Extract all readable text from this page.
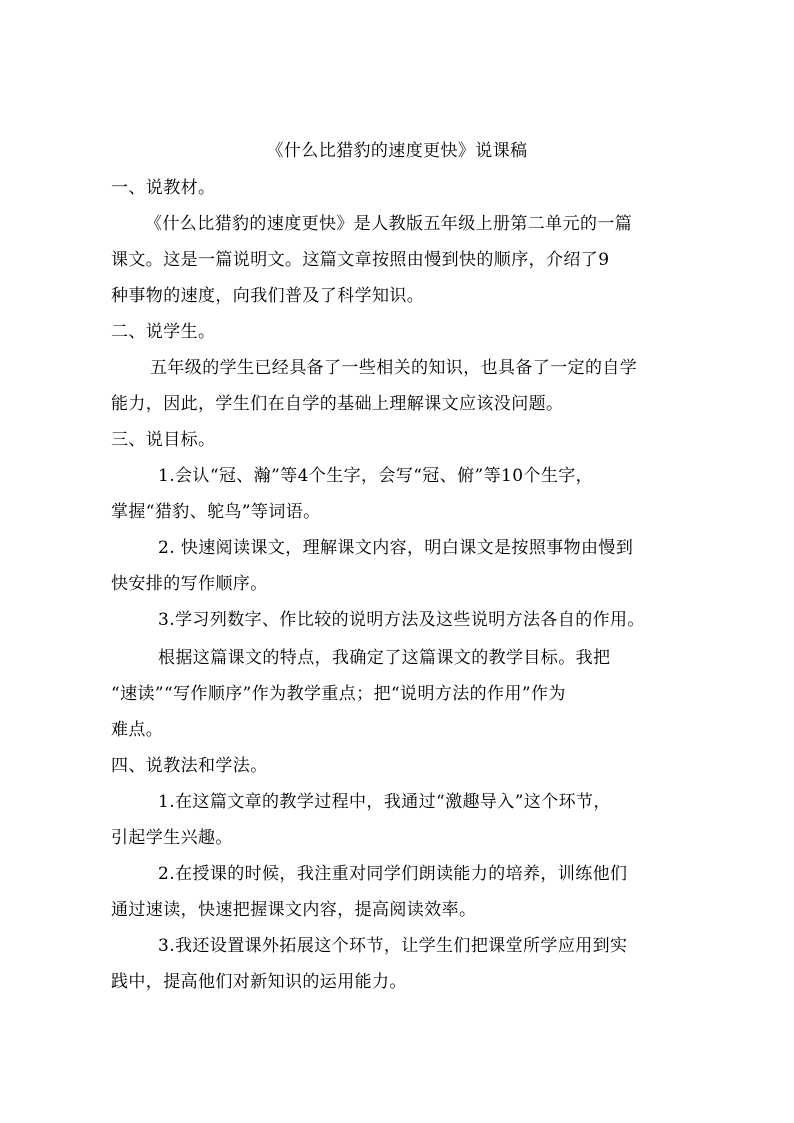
《什么比猎豹的速度更快》说课稿
一、说教材。
《什么比猎豹的速度更快》是人教版五年级上册第二单元的一篇
课文。这是一篇说明文。这篇文章按照由慢到快的顺序，介绍了9
种事物的速度，向我们普及了科学知识。
二、说学生。
五年级的学生已经具备了一些相关的知识，也具备了一定的自学
能力，因此，学生们在自学的基础上理解课文应该没问题。
三、说目标。
1.会认“冠、瀚”等4个生字，会写“冠、俯”等10个生字，
掌握“猎豹、鸵鸟”等词语。
2. 快速阅读课文，理解课文内容，明白课文是按照事物由慢到
快安排的写作顺序。
3.学习列数字、作比较的说明方法及这些说明方法各自的作用。
根据这篇课文的特点，我确定了这篇课文的教学目标。我把
“速读”“写作顺序”作为教学重点；把“说明方法的作用”作为
难点。
四、说教法和学法。
1.在这篇文章的教学过程中，我通过“激趣导入”这个环节，
引起学生兴趣。
2.在授课的时候，我注重对同学们朗读能力的培养，训练他们
通过速读，快速把握课文内容，提高阅读效率。
3.我还设置课外拓展这个环节，让学生们把课堂所学应用到实
践中，提高他们对新知识的运用能力。
